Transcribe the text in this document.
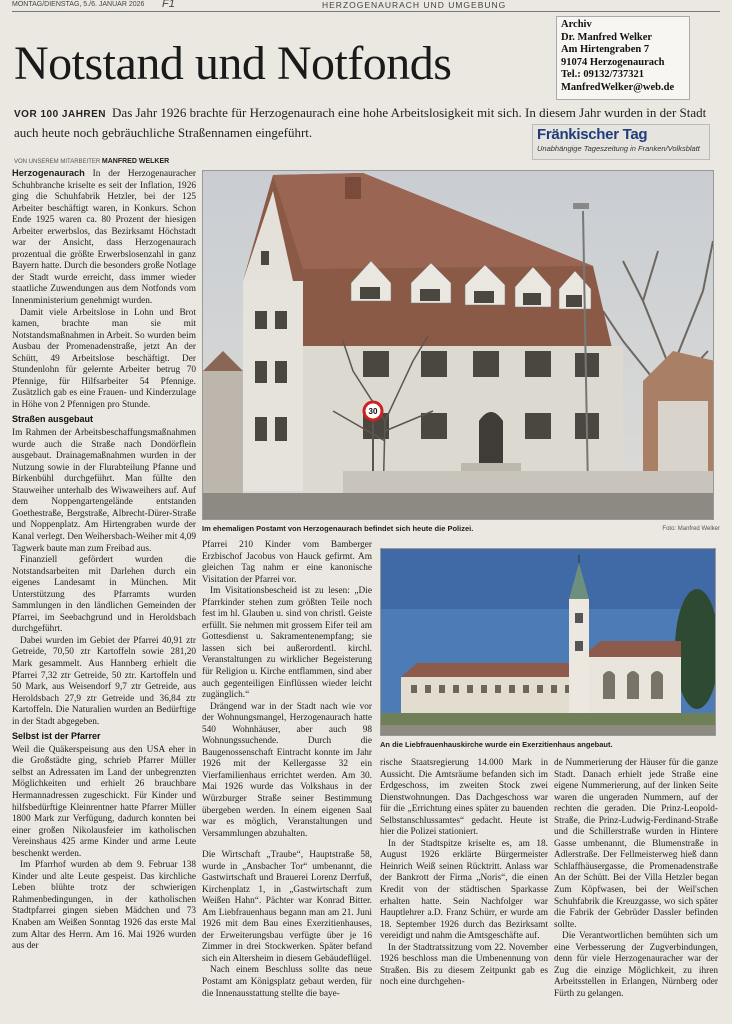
MONTAG/DIENSTAG, 5./6. JANUAR 2026 F1	HERZOGENAURACH UND UMGEBUNG
Notstand und Notfonds
Archiv
Dr. Manfred Welker
Am Hirtengraben 7
91074 Herzogenaurach
Tel.: 09132/737321
ManfredWelker@web.de
Fränkischer Tag
Unabhängige Tageszeitung in Franken/Volksblatt
VOR 100 JAHREN Das Jahr 1926 brachte für Herzogenaurach eine hohe Arbeitslosigkeit mit sich. In diesem Jahr wurden in der Stadt auch heute noch gebräuchliche Straßennamen eingeführt.
VON UNSEREM MITARBEITER MANFRED WELKER

Herzogenaurach In der Herzogenauracher Schuhbranche kriselte es seit der Inflation, 1926 ging die Schuhfabrik Hetzler, bei der 125 Arbeiter beschäftigt waren, in Konkurs. Schon Ende 1925 waren ca. 80 Prozent der hiesigen Arbeiter erwerbslos, das Bezirksamt Höchstadt war der Ansicht, dass Herzogenaurach prozentual die größte Erwerbslosenzahl in ganz Bayern hatte. Durch die besonders große Notlage der Stadt wurde erreicht, dass immer wieder staatliche Zuwendungen aus dem Notfonds vom Innenministerium genehmigt wurden.

Damit viele Arbeitslose in Lohn und Brot kamen, brachte man sie mit Notstandsmaßnahmen in Arbeit. So wurden beim Ausbau der Promenadenstraße, jetzt An der Schütt, 49 Arbeitslose beschäftigt. Der Stundenlohn für gelernte Arbeiter betrug 70 Pfennige, für Hilfsarbeiter 54 Pfennige. Zusätzlich gab es eine Frauen- und Kinderzulage in Höhe von 2 Pfennigen pro Stunde.

Straßen ausgebaut

Im Rahmen der Arbeitsbeschaffungsmaßnahmen wurde auch die Straße nach Dondörflein ausgebaut. Drainagemaßnahmen wurden in der Nutzung sowie in der Flurabteilung Pfanne und Birkenbühl durchgeführt. Man füllte den Stauweiher unterhalb des Wiwaweihers auf. Auf dem Noppengartengelände entstanden Goethestraße, Bergstraße, Albrecht-Dürer-Straße und Noppenplatz. Am Hirtengraben wurde der Kanal verlegt. Den Weihersbach-Weiher mit 4,09 Tagwerk baute man zum Freibad aus.

Finanziell gefördert wurden die Notstandsarbeiten mit Darlehen durch ein eigenes Landesamt in München. Mit Unterstützung des Pfarramts wurden Sammlungen in den ländlichen Gemeinden der Pfarrei, im Seebachgrund und in Heroldsbach durchgeführt.

Dabei wurden im Gebiet der Pfarrei 40,91 ztr Getreide, 70,50 ztr Kartoffeln sowie 281,20 Mark gesammelt. Aus Hannberg erhielt die Pfarrei 7,32 ztr Getreide, 50 ztr. Kartoffeln und 50 Mark, aus Weisendorf 9,7 ztr Getreide, aus Heroldsbach 27,9 ztr Getreide und 36,84 ztr Kartoffeln. Die Naturalien wurden an Bedürftige in der Stadt abgegeben.

Selbst ist der Pfarrer

Weil die Quäkerspeisung aus den USA eher in die Großstädte ging, schrieb Pfarrer Müller selbst an Adressaten im Land der unbegrenzten Möglichkeiten und erhielt 26 brauchbare Hermannadressen zugeschickt. Für Kinder und hilfsbedürftige Kleinrentner hatte Pfarrer Müller 1800 Mark zur Verfügung, dadurch konnten bei einer großen Nikolausfeier im katholischen Vereinshaus 425 arme Kinder und arme Leute beschenkt werden.

Im Pfarrhof wurden ab dem 9. Februar 138 Kinder und alte Leute gespeist. Das kirchliche Leben blühte trotz der schwierigen Rahmenbedingungen, in der katholischen Stadtpfarrei gingen sieben Mädchen und 73 Knaben am Weißen Sonntag 1926 das erste Mal zum Altar des Herrn. Am 16. Mai 1926 wurden aus der

30
Im ehemaligen Postamt von Herzogenaurach befindet sich heute die Polizei.	Foto: Manfred Welker

Pfarrei 210 Kinder vom Bamberger Erzbischof Jacobus von Hauck gefirmt. Am gleichen Tag nahm er eine kanonische Visitation der Pfarrei vor.

Im Visitationsbescheid ist zu lesen: „Die Pfarrkinder stehen zum größten Teile noch fest im hl. Glauben u. sind von christl. Geiste erfüllt. Sie nehmen mit grossem Eifer teil am Gottesdienst u. Sakramentenempfang; sie lassen sich bei außerordentl. kirchl. Veranstaltungen zu wirklicher Begeisterung für Religion u. Kirche entflammen, sind aber auch gegenteiligen Einflüssen wieder leicht zugänglich.“

Drängend war in der Stadt nach wie vor der Wohnungsmangel, Herzogenaurach hatte 540 Wohnhäuser, aber auch 98 Wohnungssuchende. Durch die Baugenossenschaft Eintracht konnte im Jahr 1926 mit der Kellergasse 32 ein Vierfamilienhaus errichtet werden. Am 30. Mai 1926 wurde das Volkshaus in der Würzburger Straße seiner Bestimmung übergeben werden. In einem eigenen Saal war es möglich, Veranstaltungen und Versammlungen abzuhalten.

Die Wirtschaft „Traube“, Hauptstraße 58, wurde in „Ansbacher Tor“ umbenannt, die Gastwirtschaft und Brauerei Lorenz Derrfuß, Kirchenplatz 1, in „Gastwirtschaft zum Weißen Hahn“. Pächter war Konrad Bitter. Am Liebfrauenhaus begann man am 21. Juni 1926 mit dem Bau eines Exerzitienhauses, der Erweiterungsbau verfügte über je 16 Zimmer in drei Stockwerken. Später befand sich ein Altersheim in diesem Gebäudeflügel.

Nach einem Beschluss sollte das neue Postamt am Königsplatz gebaut werden, für die Innenausstattung stellte die baye-

An die Liebfrauenhauskirche wurde ein Exerzitienhaus angebaut.

rische Staatsregierung 14.000 Mark in Aussicht. Die Amtsräume befanden sich im Erdgeschoss, im zweiten Stock zwei Dienstwohnungen. Das Dachgeschoss war für die „Errichtung eines später zu bauenden Selbstanschlussamtes“ gedacht. Heute ist hier die Polizei stationiert.

In der Stadtspitze kriselte es, am 18. August 1926 erklärte Bürgermeister Heinrich Weiß seinen Rücktritt. Anlass war der Bankrott der Firma „Noris“, die einen Kredit von der städtischen Sparkasse erhalten hatte. Sein Nachfolger war Hauptlehrer a.D. Franz Schürr, er wurde am 18. September 1926 durch das Bezirksamt vereidigt und nahm die Amtsgeschäfte auf.

In der Stadtratssitzung vom 22. November 1926 beschloss man die Umbenennung von Straßen. Bis zu diesem Zeitpunkt gab es noch eine durchgehen-

de Nummerierung der Häuser für die ganze Stadt. Danach erhielt jede Straße eine eigene Nummerierung, auf der linken Seite waren die ungeraden Nummern, auf der rechten die geraden. Die Prinz-Leopold-Straße, die Prinz-Ludwig-Ferdinand-Straße und die Schillerstraße wurden in Hintere Gasse umbenannt, die Blumenstraße in Adlerstraße. Der Fellmeisterweg hieß dann Schlaffhäusergasse, die Promenadenstraße An der Schütt. Bei der Villa Hetzler began Zum Köpfwasen, bei der Weil'schen Schuhfabrik die Kreuzgasse, wo sich später die Fabrik der Gebrüder Dassler befinden sollte.

Die Verantwortlichen bemühten sich um eine Verbesserung der Zugverbindungen, denn für viele Herzogenauracher war der Zug die einzige Möglichkeit, zu ihren Arbeitsstellen in Erlangen, Nürnberg oder Fürth zu gelangen.
